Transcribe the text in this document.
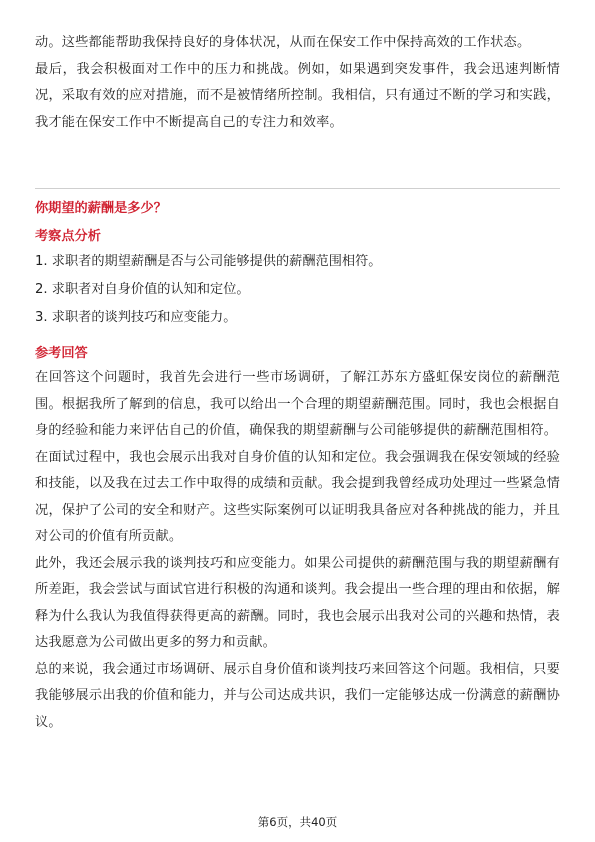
动。这些都能帮助我保持良好的身体状况，从而在保安工作中保持高效的工作状态。

最后，我会积极面对工作中的压力和挑战。例如，如果遇到突发事件，我会迅速判断情况，采取有效的应对措施，而不是被情绪所控制。我相信，只有通过不断的学习和实践，我才能在保安工作中不断提高自己的专注力和效率。

你期望的薪酬是多少？
考察点分析
1. 求职者的期望薪酬是否与公司能够提供的薪酬范围相符。
2. 求职者对自身价值的认知和定位。
3. 求职者的谈判技巧和应变能力。
参考回答

在回答这个问题时，我首先会进行一些市场调研，了解江苏东方盛虹保安岗位的薪酬范围。根据我所了解到的信息，我可以给出一个合理的期望薪酬范围。同时，我也会根据自身的经验和能力来评估自己的价值，确保我的期望薪酬与公司能够提供的薪酬范围相符。

在面试过程中，我也会展示出我对自身价值的认知和定位。我会强调我在保安领域的经验和技能，以及我在过去工作中取得的成绩和贡献。我会提到我曾经成功处理过一些紧急情况，保护了公司的安全和财产。这些实际案例可以证明我具备应对各种挑战的能力，并且对公司的价值有所贡献。

此外，我还会展示我的谈判技巧和应变能力。如果公司提供的薪酬范围与我的期望薪酬有所差距，我会尝试与面试官进行积极的沟通和谈判。我会提出一些合理的理由和依据，解释为什么我认为我值得获得更高的薪酬。同时，我也会展示出我对公司的兴趣和热情，表达我愿意为公司做出更多的努力和贡献。

总的来说，我会通过市场调研、展示自身价值和谈判技巧来回答这个问题。我相信，只要我能够展示出我的价值和能力，并与公司达成共识，我们一定能够达成一份满意的薪酬协议。

第6页，共40页
